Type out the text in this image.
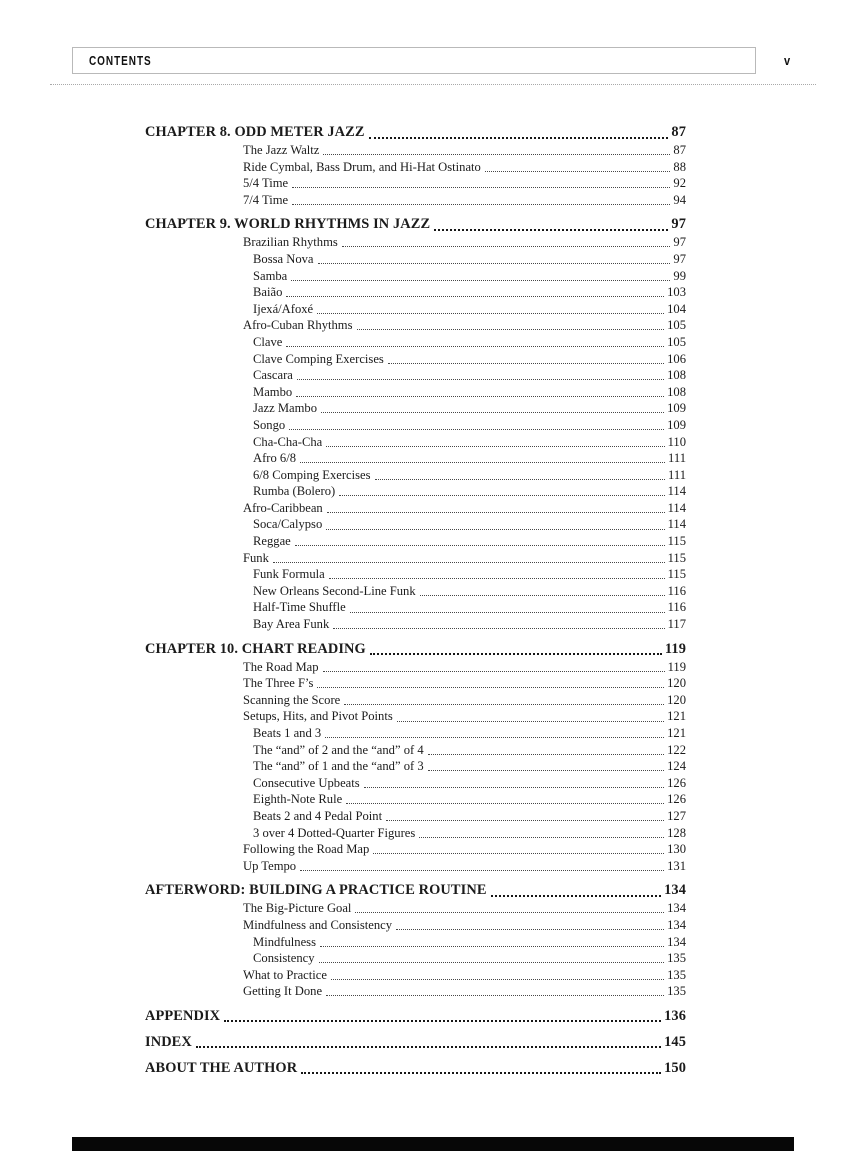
CONTENTS	v
CHAPTER 8. ODD METER JAZZ	87
The Jazz Waltz	87
Ride Cymbal, Bass Drum, and Hi-Hat Ostinato	88
5/4 Time	92
7/4 Time	94
CHAPTER 9. WORLD RHYTHMS IN JAZZ	97
Brazilian Rhythms	97
Bossa Nova	97
Samba	99
Baião	103
Ijexá/Afoxé	104
Afro-Cuban Rhythms	105
Clave	105
Clave Comping Exercises	106
Cascara	108
Mambo	108
Jazz Mambo	109
Songo	109
Cha-Cha-Cha	110
Afro 6/8	111
6/8 Comping Exercises	111
Rumba (Bolero)	114
Afro-Caribbean	114
Soca/Calypso	114
Reggae	115
Funk	115
Funk Formula	115
New Orleans Second-Line Funk	116
Half-Time Shuffle	116
Bay Area Funk	117
CHAPTER 10. CHART READING	119
The Road Map	119
The Three F’s	120
Scanning the Score	120
Setups, Hits, and Pivot Points	121
Beats 1 and 3	121
The “and” of 2 and the “and” of 4	122
The “and” of 1 and the “and” of 3	124
Consecutive Upbeats	126
Eighth-Note Rule	126
Beats 2 and 4 Pedal Point	127
3 over 4 Dotted-Quarter Figures	128
Following the Road Map	130
Up Tempo	131
AFTERWORD: BUILDING A PRACTICE ROUTINE	134
The Big-Picture Goal	134
Mindfulness and Consistency	134
Mindfulness	134
Consistency	135
What to Practice	135
Getting It Done	135
APPENDIX	136
INDEX	145
ABOUT THE AUTHOR	150
